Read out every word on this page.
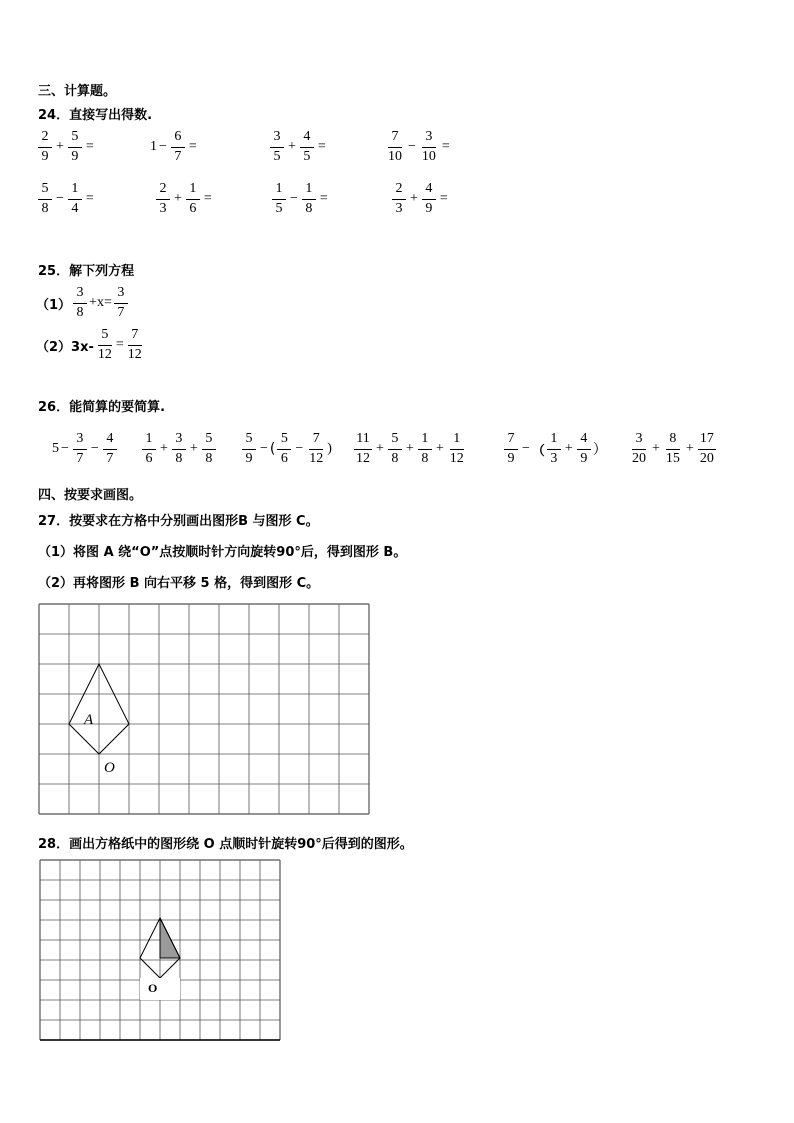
三、计算题。
24．直接写出得数.
$\frac{2}{9} + \frac{5}{9}$ =	$1 - \frac{6}{7}$ =	$\frac{3}{5} + \frac{4}{5}$ =	$\frac{7}{10} - \frac{3}{10}$ =
$\frac{5}{8} - \frac{1}{4}$ =	$\frac{2}{3} + \frac{1}{6}$ =	$\frac{1}{5} - \frac{1}{8}$ =	$\frac{2}{3} + \frac{4}{9}$ =
25．解下列方程
$(1) \frac{3}{8} +x= \frac{3}{7}$
$(2)3x- \frac{5}{12} = \frac{7}{12}$
26．能简算的要简算.
$5 - \frac{3}{7} - \frac{4}{7} \frac{1}{6} + \frac{3}{8} + \frac{5}{8} \frac{5}{9}$ − ( $\frac{5}{6} - \frac{7}{12}$ ) $\frac{11}{12} + \frac{5}{8} + \frac{1}{8} + \frac{1}{12}$	$\frac{7}{9}$ − （ $\frac{1}{3} + \frac{4}{9}$ ） $\frac{3}{20} + \frac{8}{15} + \frac{17}{20}$
四、按要求画图。
27．按要求在方格中分别画出图形B 与图形 C。
（1）将图 A 绕“O”点按顺时针方向旋转90°后，得到图形 B。
（2）再将图形 B 向右平移 5 格，得到图形 C。
A
O
28．画出方格纸中的图形绕 O 点顺时针旋转90°后得到的图形。
O
